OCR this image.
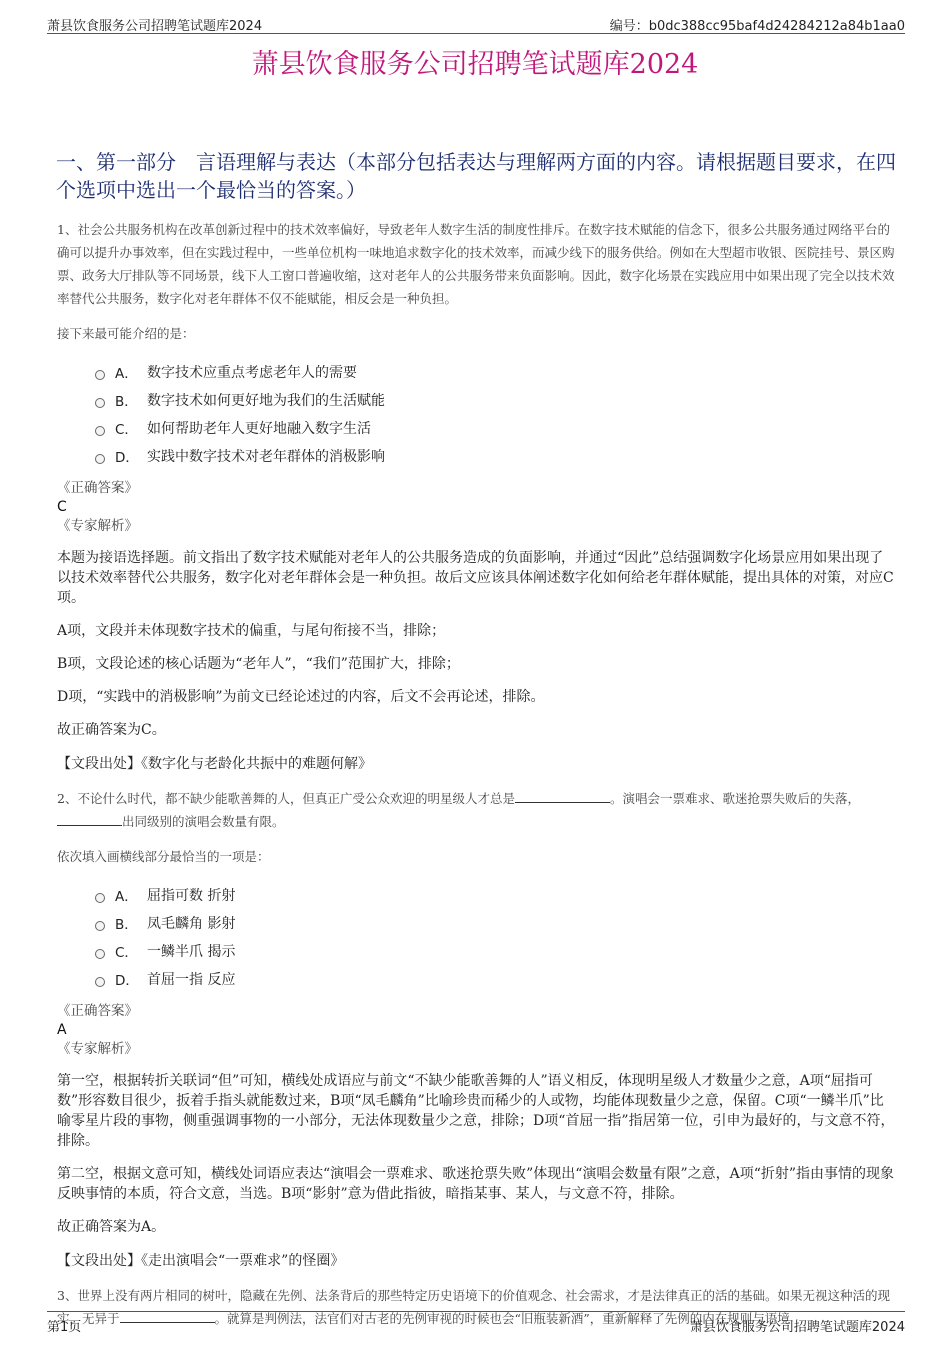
萧县饮食服务公司招聘笔试题库2024	编号：b0dc388cc95baf4d24284212a84b1aa0
萧县饮食服务公司招聘笔试题库2024
一、第一部分　言语理解与表达（本部分包括表达与理解两方面的内容。请根据题目要求，在四个选项中选出一个最恰当的答案。）

1、社会公共服务机构在改革创新过程中的技术效率偏好，导致老年人数字生活的制度性排斥。在数字技术赋能的信念下，很多公共服务通过网络平台的确可以提升办事效率，但在实践过程中，一些单位机构一味地追求数字化的技术效率，而减少线下的服务供给。例如在大型超市收银、医院挂号、景区购票、政务大厅排队等不同场景，线下人工窗口普遍收缩，这对老年人的公共服务带来负面影响。因此，数字化场景在实践应用中如果出现了完全以技术效率替代公共服务，数字化对老年群体不仅不能赋能，相反会是一种负担。

接下来最可能介绍的是：

A． 数字技术应重点考虑老年人的需要
B． 数字技术如何更好地为我们的生活赋能
C． 如何帮助老年人更好地融入数字生活
D． 实践中数字技术对老年群体的消极影响

《正确答案》

C

《专家解析》

本题为接语选择题。前文指出了数字技术赋能对老年人的公共服务造成的负面影响，并通过“因此”总结强调数字化场景应用如果出现了以技术效率替代公共服务，数字化对老年群体会是一种负担。故后文应该具体阐述数字化如何给老年群体赋能，提出具体的对策，对应C项。

A项，文段并未体现数字技术的偏重，与尾句衔接不当，排除；

B项，文段论述的核心话题为“老年人”，“我们”范围扩大，排除；

D项，“实践中的消极影响”为前文已经论述过的内容，后文不会再论述，排除。

故正确答案为C。

【文段出处】《数字化与老龄化共振中的难题何解》

2、不论什么时代，都不缺少能歌善舞的人，但真正广受公众欢迎的明星级人才总是	。演唱会一票难求、歌迷抢票失败后的失落，出同级别的演唱会数量有限。

依次填入画横线部分最恰当的一项是：

A． 屈指可数 折射
B． 凤毛麟角 影射
C． 一鳞半爪 揭示
D． 首屈一指 反应

《正确答案》

A

《专家解析》

第一空，根据转折关联词“但”可知，横线处成语应与前文“不缺少能歌善舞的人”语义相反，体现明星级人才数量少之意，A项“屈指可数”形容数目很少，扳着手指头就能数过来，B项“凤毛麟角”比喻珍贵而稀少的人或物，均能体现数量少之意，保留。C项“一鳞半爪”比喻零星片段的事物，侧重强调事物的一小部分，无法体现数量少之意，排除；D项“首屈一指”指居第一位，引申为最好的，与文意不符，排除。

第二空，根据文意可知，横线处词语应表达“演唱会一票难求、歌迷抢票失败”体现出“演唱会数量有限”之意，A项“折射”指由事情的现象反映事情的本质，符合文意，当选。B项“影射”意为借此指彼，暗指某事、某人，与文意不符，排除。

故正确答案为A。

【文段出处】《走出演唱会“一票难求”的怪圈》

3、世界上没有两片相同的树叶，隐藏在先例、法条背后的那些特定历史语境下的价值观念、社会需求，才是法律真正的活的基础。如果无视这种活的现实，无异于	。就算是判例法，法官们对古老的先例审视的时候也会“旧瓶装新酒”，重新解释了先例的内在规则与语境

第1页	萧县饮食服务公司招聘笔试题库2024
